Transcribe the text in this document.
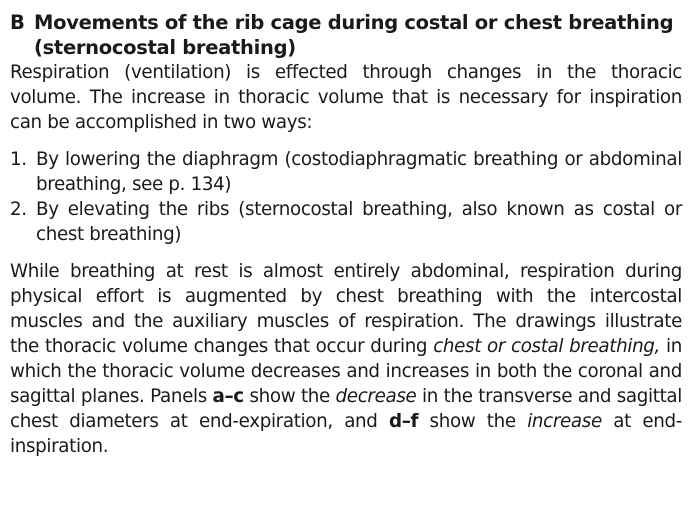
B Movements of the rib cage during costal or chest breathing (sternocostal breathing)

Respiration (ventilation) is effected through changes in the thoracic volume. The increase in thoracic volume that is necessary for inspiration can be accomplished in two ways:

1. By lowering the diaphragm (costodiaphragmatic breathing or abdominal breathing, see p. 134)
2. By elevating the ribs (sternocostal breathing, also known as costal or chest breathing)

While breathing at rest is almost entirely abdominal, respiration during physical effort is augmented by chest breathing with the intercostal muscles and the auxiliary muscles of respiration. The drawings illustrate the thoracic volume changes that occur during chest or costal breathing, in which the thoracic volume decreases and increases in both the coronal and sagittal planes. Panels a–c show the decrease in the transverse and sagittal chest diameters at end-expiration, and d–f show the increase at end-inspiration.
